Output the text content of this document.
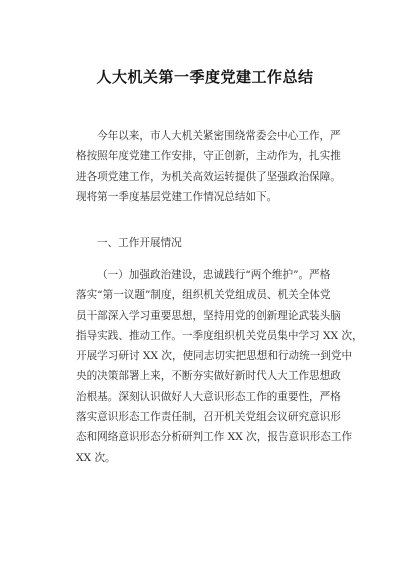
人大机关第一季度党建工作总结
今年以来，市人大机关紧密围绕常委会中心工作，严
格按照年度党建工作安排，守正创新，主动作为，扎实推
进各项党建工作，为机关高效运转提供了坚强政治保障。
现将第一季度基层党建工作情况总结如下。
一、工作开展情况
（一）加强政治建设，忠诚践行“两个维护”。严格
落实“第一议题”制度，组织机关党组成员、机关全体党
员干部深入学习重要思想，坚持用党的创新理论武装头脑
指导实践、推动工作。一季度组织机关党员集中学习 XX 次，
开展学习研讨 XX 次，使同志切实把思想和行动统一到党中
央的决策部署上来，不断夯实做好新时代人大工作思想政
治根基。深刻认识做好人大意识形态工作的重要性，严格
落实意识形态工作责任制，召开机关党组会议研究意识形
态和网络意识形态分析研判工作 XX 次，报告意识形态工作
XX 次。
